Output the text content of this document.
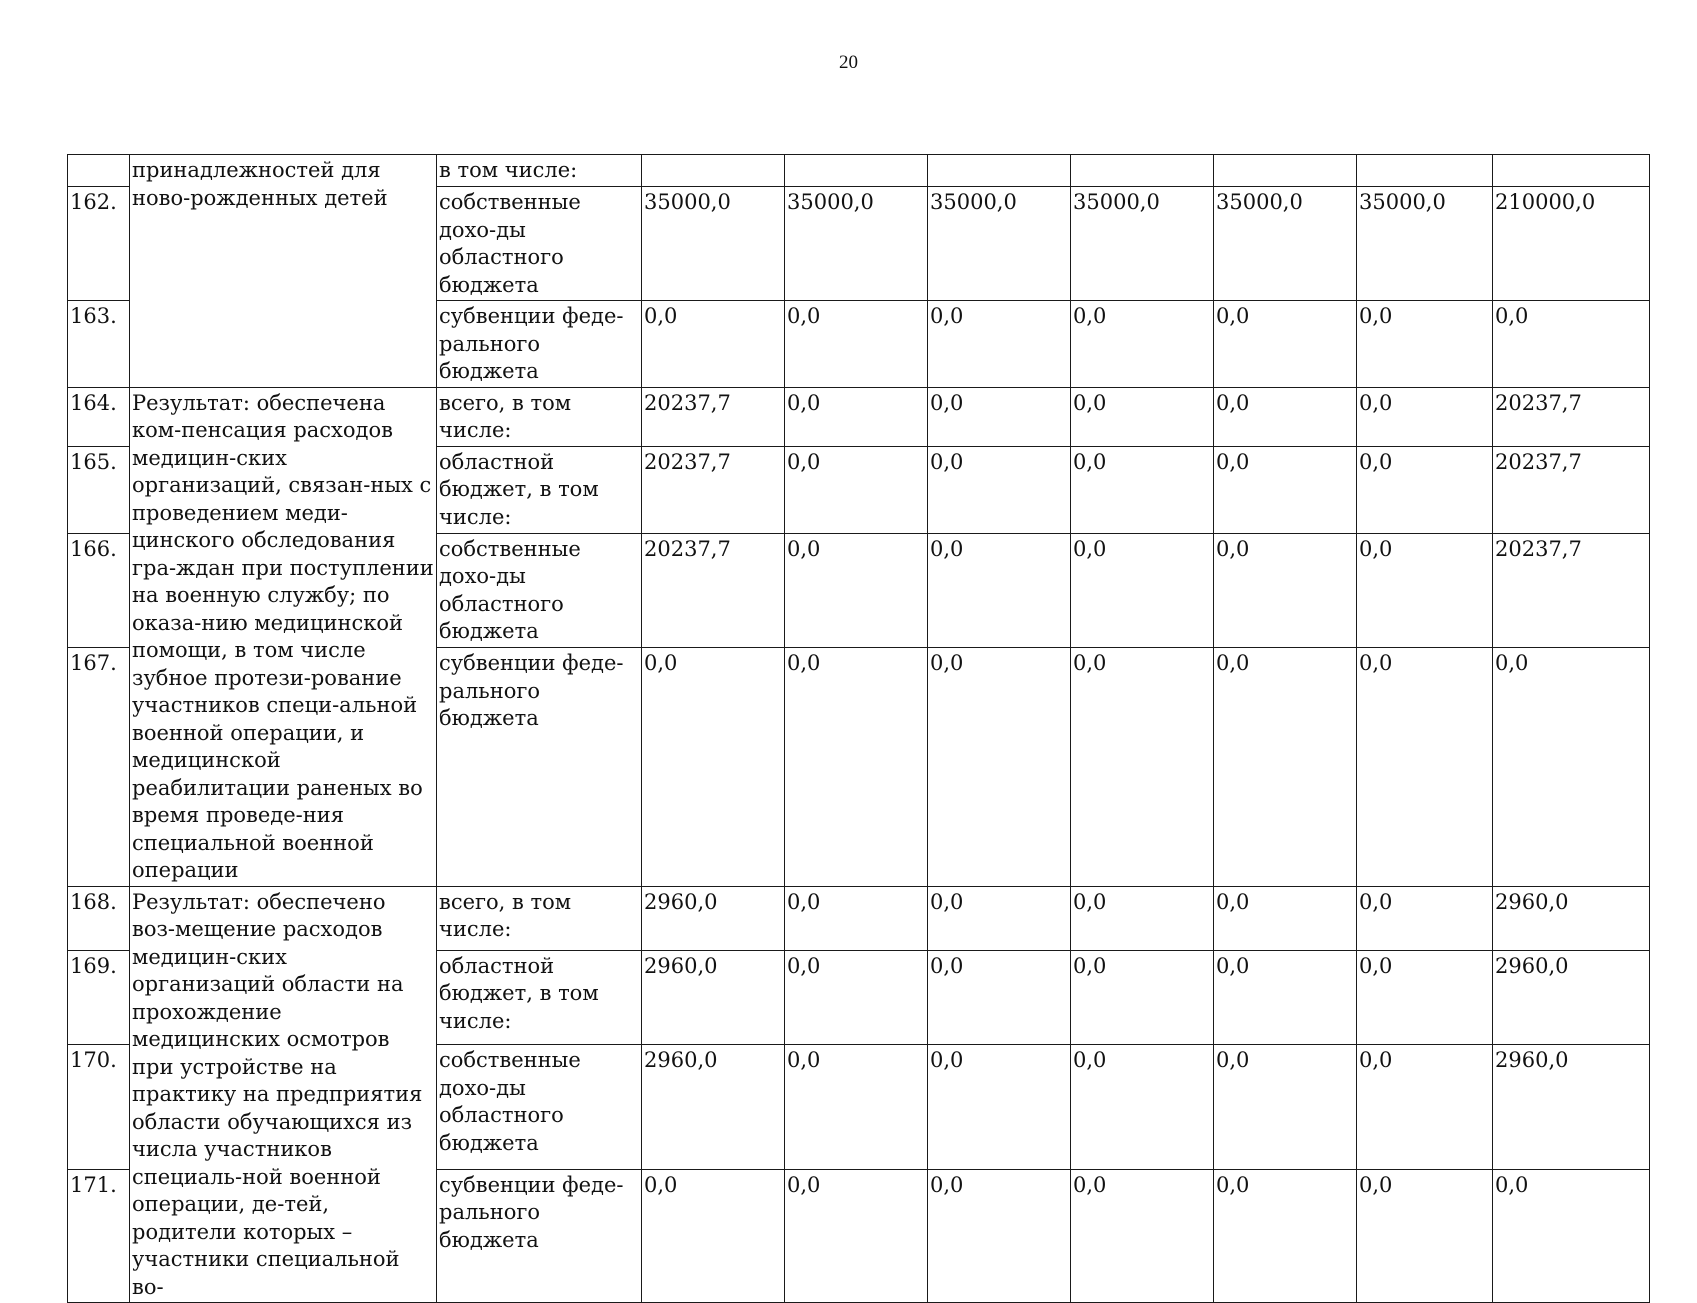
20
	принадлежностей для ново-рожденных детей	в том числе:							
162.		собственные дохо-ды областного бюджета	35000,0	35000,0	35000,0	35000,0	35000,0	35000,0	210000,0
163.		субвенции феде-рального бюджета	0,0	0,0	0,0	0,0	0,0	0,0	0,0
164.	Результат: обеспечена ком-пенсация расходов медицин-ских организаций, связан-ных с проведением меди-цинского обследования гра-ждан при поступлении на военную службу; по оказа-нию медицинской помощи, в том числе зубное протези-рование участников специ-альной военной операции, и медицинской реабилитации раненых во время проведе-ния специальной военной операции	всего, в том числе:	20237,7	0,0	0,0	0,0	0,0	0,0	20237,7
165.		областной бюджет, в том числе:	20237,7	0,0	0,0	0,0	0,0	0,0	20237,7
166.		собственные дохо-ды областного бюджета	20237,7	0,0	0,0	0,0	0,0	0,0	20237,7
167.		субвенции феде-рального бюджета	0,0	0,0	0,0	0,0	0,0	0,0	0,0
168.	Результат: обеспечено воз-мещение расходов медицин-ских организаций области на прохождение медицинских осмотров при устройстве на практику на предприятия области обучающихся из числа участников специаль-ной военной операции, де-тей, родители которых – участники специальной во-	всего, в том числе:	2960,0	0,0	0,0	0,0	0,0	0,0	2960,0
169.		областной бюджет, в том числе:	2960,0	0,0	0,0	0,0	0,0	0,0	2960,0
170.		собственные дохо-ды областного бюджета	2960,0	0,0	0,0	0,0	0,0	0,0	2960,0
171.		субвенции феде-рального бюджета	0,0	0,0	0,0	0,0	0,0	0,0	0,0
